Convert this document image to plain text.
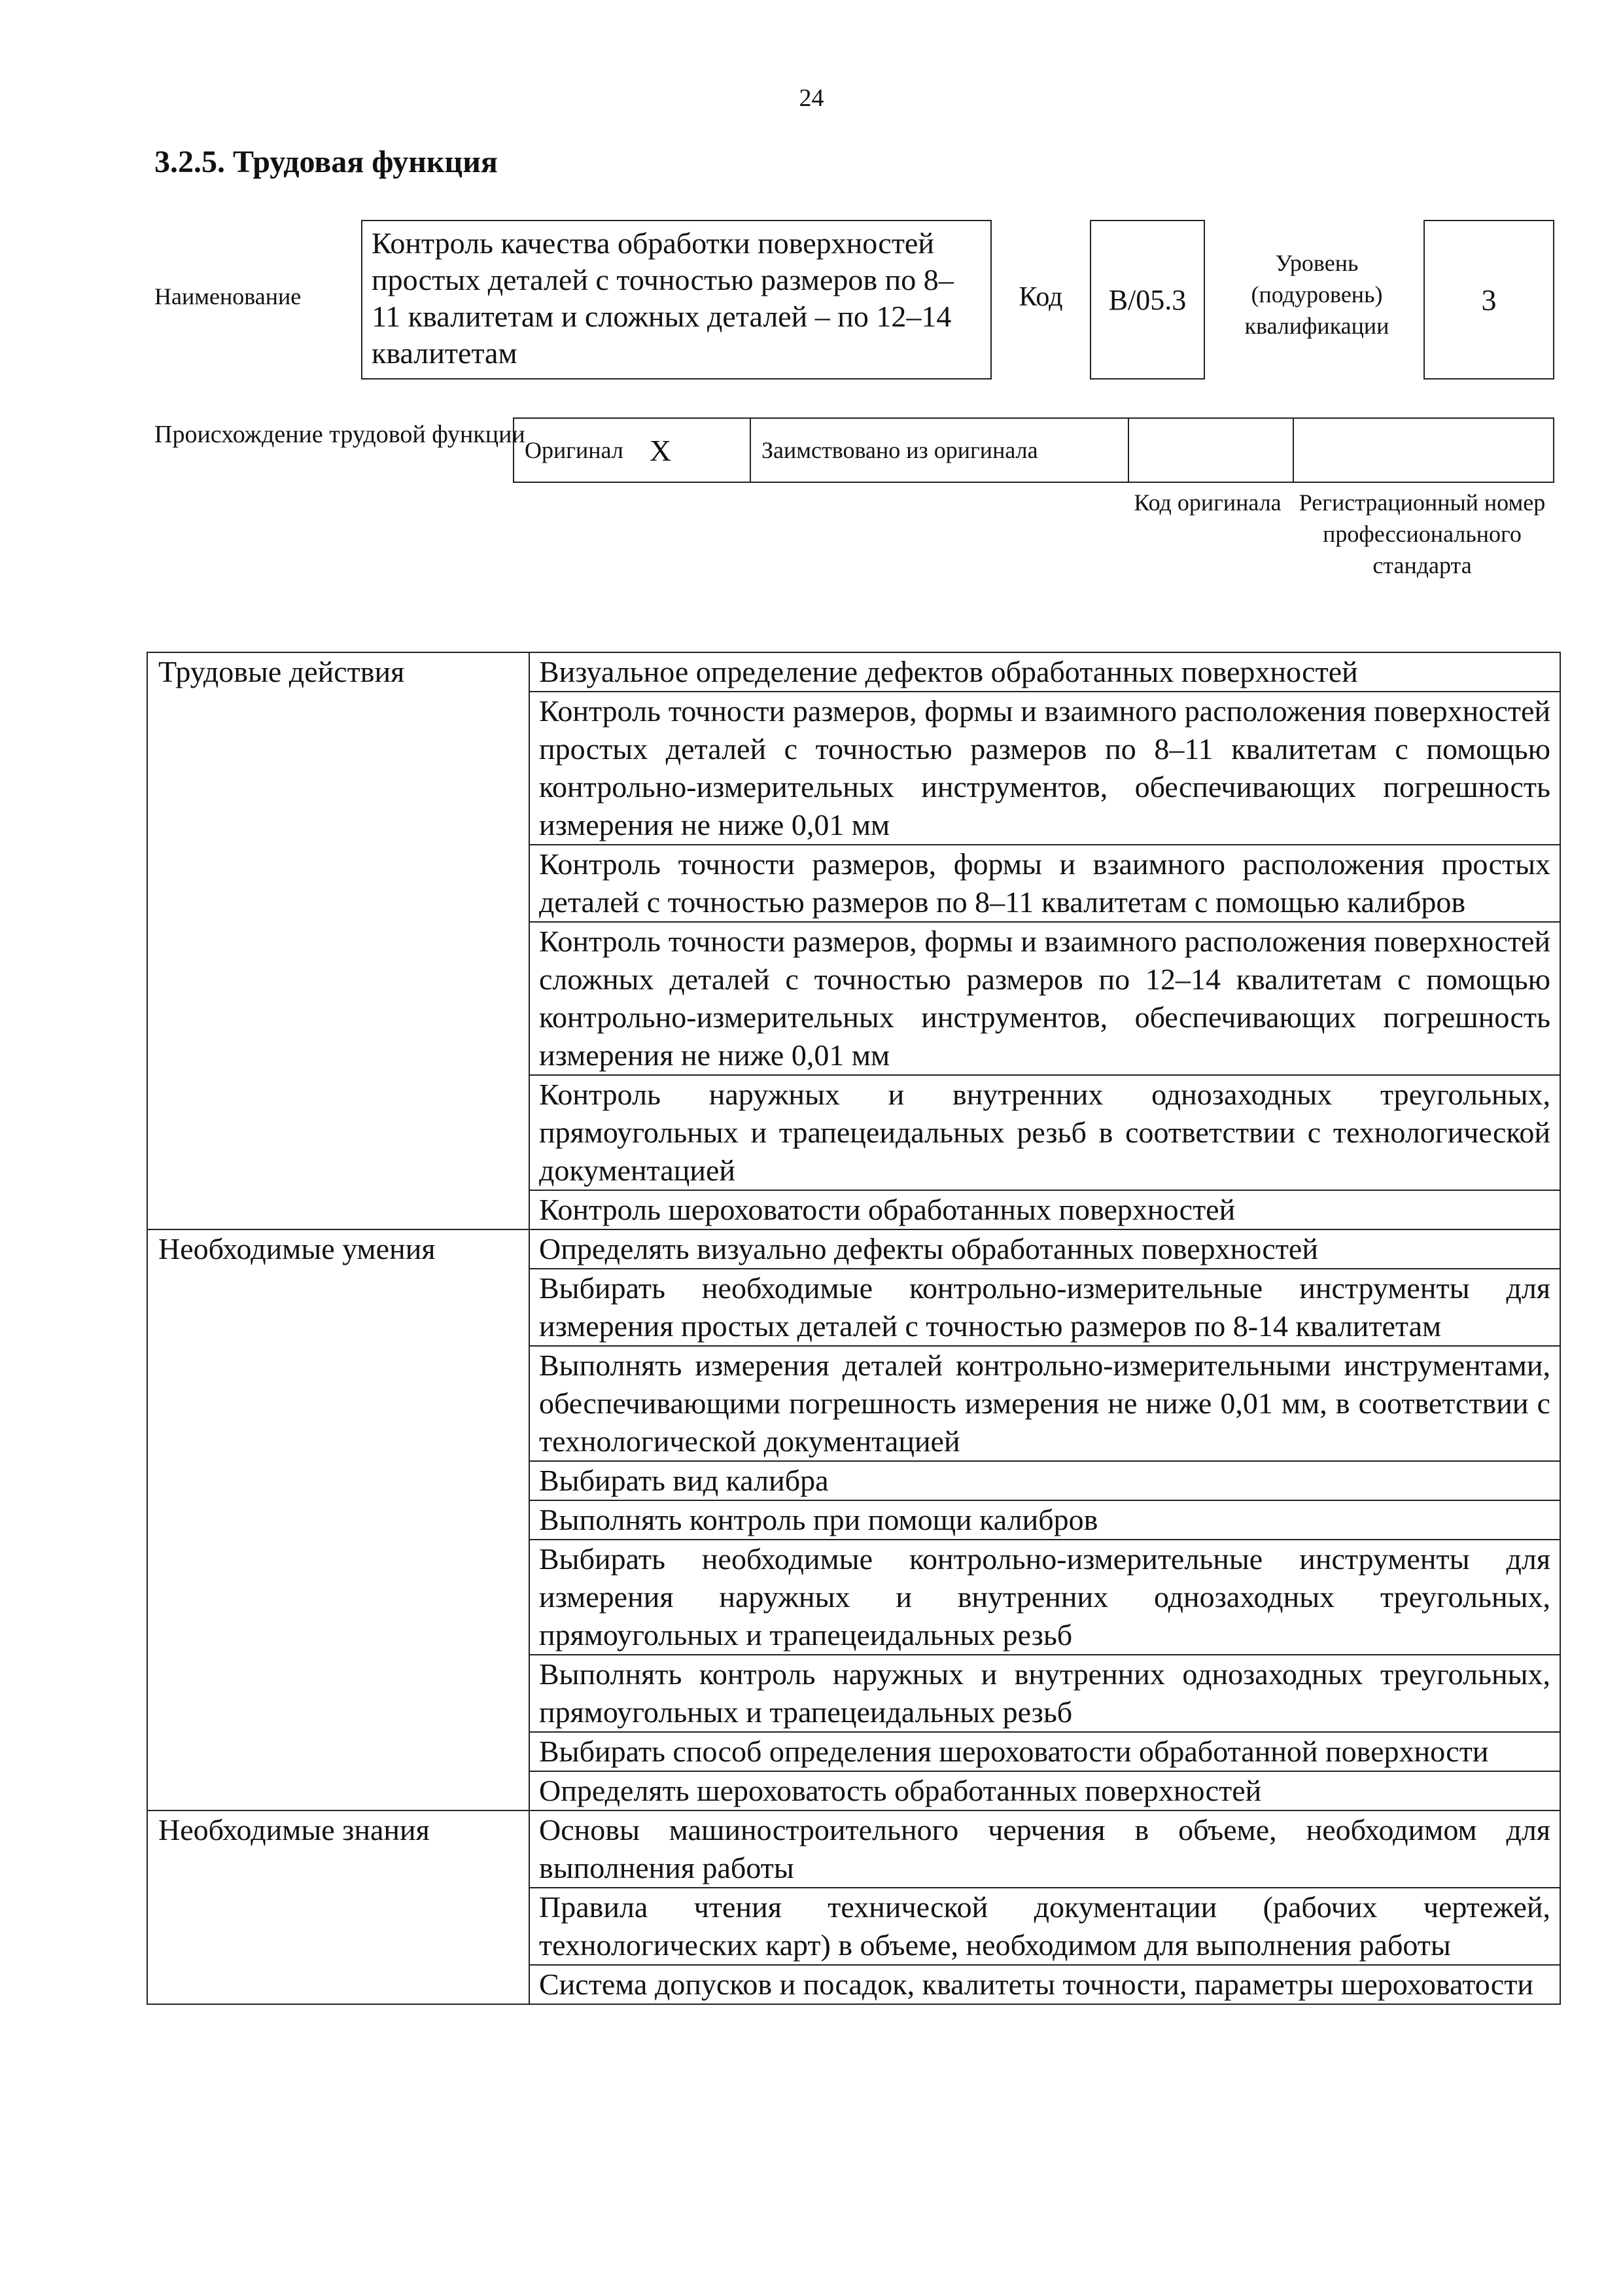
24
3.2.5. Трудовая функция
Наименование
Контроль качества обработки поверхностей простых деталей с точностью размеров по 8–11 квалитетам и сложных деталей – по 12–14 квалитетам
Код	В/05.3
Уровень (подуровень) квалификации
3
Происхождение трудовой функции
Оригинал Х	Заимствовано из оригинала
Код оригинала Регистрационный номер профессионального стандарта
Трудовые действия	Визуальное определение дефектов обработанных поверхностей
	Контроль точности размеров, формы и взаимного расположения поверхностей простых деталей с точностью размеров по 8–11 квалитетам с помощью контрольно-измерительных инструментов, обеспечивающих погрешность измерения не ниже 0,01 мм
	Контроль точности размеров, формы и взаимного расположения простых деталей с точностью размеров по 8–11 квалитетам с помощью калибров
	Контроль точности размеров, формы и взаимного расположения поверхностей сложных деталей с точностью размеров по 12–14 квалитетам с помощью контрольно-измерительных инструментов, обеспечивающих погрешность измерения не ниже 0,01 мм
	Контроль наружных и внутренних однозаходных треугольных, прямоугольных и трапецеидальных резьб в соответствии с технологической документацией
	Контроль шероховатости обработанных поверхностей
Необходимые умения	Определять визуально дефекты обработанных поверхностей
	Выбирать необходимые контрольно-измерительные инструменты для измерения простых деталей с точностью размеров по 8-14 квалитетам
	Выполнять измерения деталей контрольно-измерительными инструментами, обеспечивающими погрешность измерения не ниже 0,01 мм, в соответствии с технологической документацией
	Выбирать вид калибра
	Выполнять контроль при помощи калибров
	Выбирать необходимые контрольно-измерительные инструменты для измерения наружных и внутренних однозаходных треугольных, прямоугольных и трапецеидальных резьб
	Выполнять контроль наружных и внутренних однозаходных треугольных, прямоугольных и трапецеидальных резьб
	Выбирать способ определения шероховатости обработанной поверхности
	Определять шероховатость обработанных поверхностей
Необходимые знания	Основы машиностроительного черчения в объеме, необходимом для выполнения работы
	Правила чтения технической документации (рабочих чертежей, технологических карт) в объеме, необходимом для выполнения работы
	Система допусков и посадок, квалитеты точности, параметры шероховатости
